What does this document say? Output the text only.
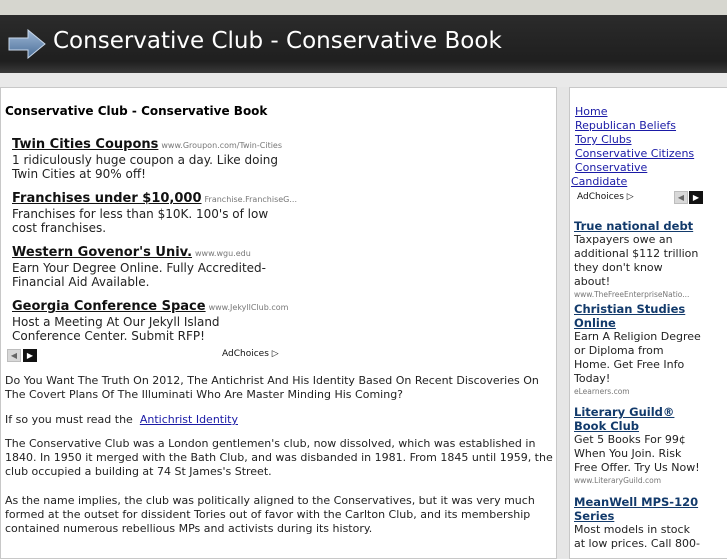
Conservative Club - Conservative Book
Conservative Club - Conservative Book
Twin Cities Coupons www.Groupon.com/Twin-Cities
1 ridiculously huge coupon a day. Like doing Twin Cities at 90% off!
Franchises under $10,000 Franchise.FranchiseG...
Franchises for less than $10K. 100's of low cost franchises.
Western Govenor's Univ. www.wgu.edu
Earn Your Degree Online. Fully Accredited- Financial Aid Available.
Georgia Conference Space www.JekyllClub.com
Host a Meeting At Our Jekyll Island Conference Center. Submit RFP!
◀	▶	AdChoices ▷
Do You Want The Truth On 2012, The Antichrist And His Identity Based On Recent Discoveries On The Covert Plans Of The Illuminati Who Are Master Minding His Coming?
If so you must read the Antichrist Identity
The Conservative Club was a London gentlemen's club, now dissolved, which was established in 1840. In 1950 it merged with the Bath Club, and was disbanded in 1981. From 1845 until 1959, the club occupied a building at 74 St James's Street.
As the name implies, the club was politically aligned to the Conservatives, but it was very much formed at the outset for dissident Tories out of favor with the Carlton Club, and its membership contained numerous rebellious MPs and activists during its history.
Home
Republican Beliefs
Tory Clubs
Conservative Citizens
Conservative
Candidate
AdChoices ▷	◀	▶
True national debt
Taxpayers owe an additional $112 trillion they don't know about!
www.TheFreeEnterpriseNatio...
Christian Studies Online
Earn A Religion Degree or Diploma from Home. Get Free Info Today!
eLearners.com
Literary Guild® Book Club
Get 5 Books For 99¢ When You Join. Risk Free Offer. Try Us Now!
www.LiteraryGuild.com
MeanWell MPS-120 Series
Most models in stock at low prices. Call 800-
